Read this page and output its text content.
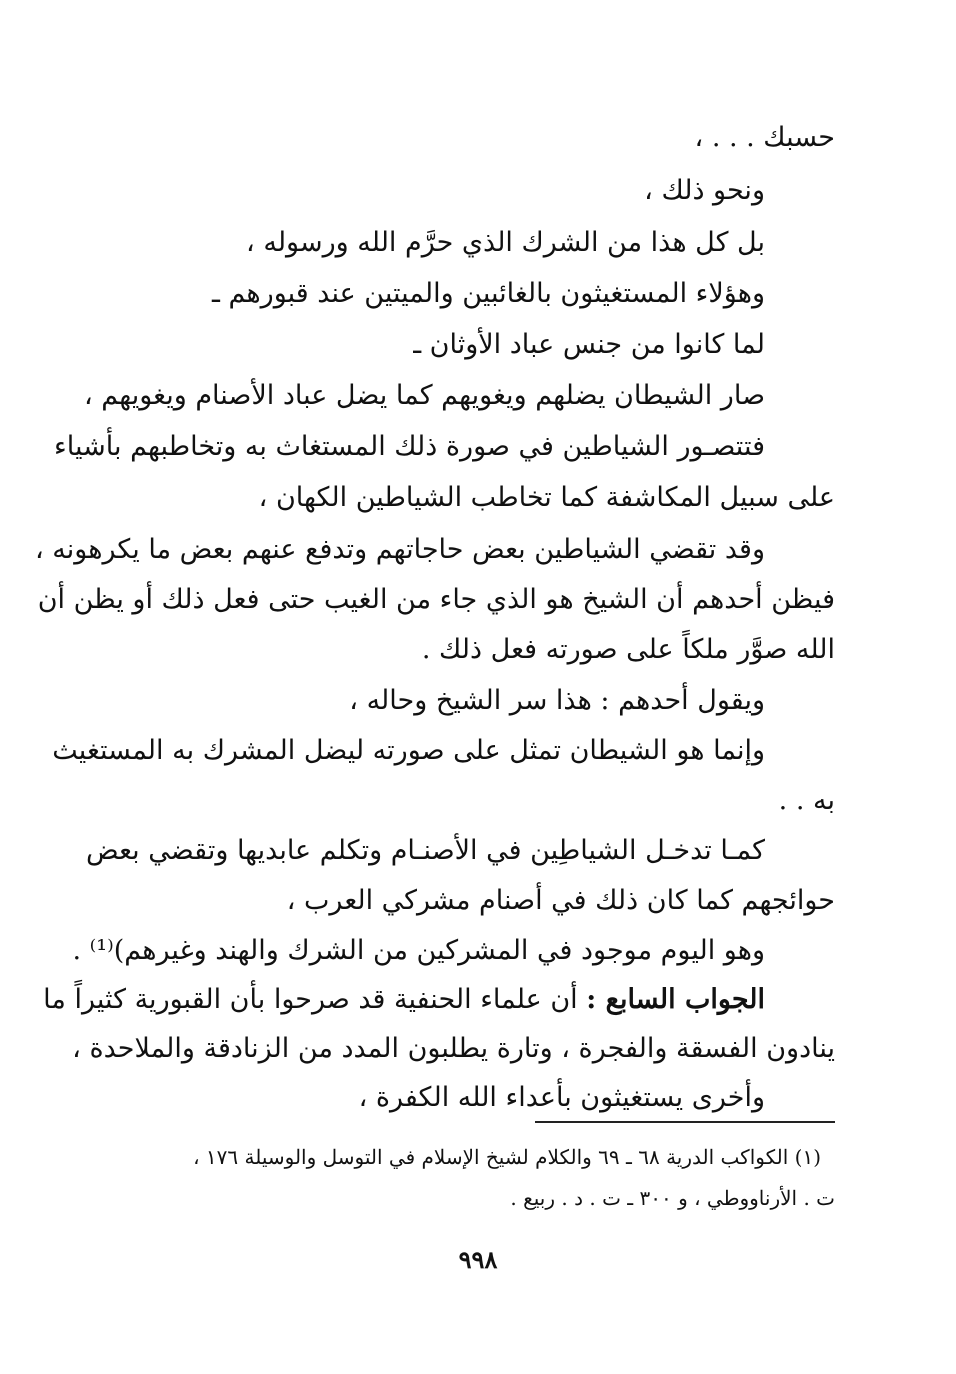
حسبك . . . ،
ونحو ذلك ،
بل كل هذا من الشرك الذي حرَّم الله ورسوله ،
وهؤلاء المستغيثون بالغائبين والميتين عند قبورهم ـ
لما كانوا من جنس عباد الأوثان ـ
صار الشيطان يضلهم ويغويهم كما يضل عباد الأصنام ويغويهم ،
فتتصـور الشياطين في صورة ذلك المستغاث به وتخاطبهم بأشياء
على سبيل المكاشفة كما تخاطب الشياطين الكهان ،
وقد تقضي الشياطين بعض حاجاتهم وتدفع عنهم بعض ما يكرهونه ،
فيظن أحدهم أن الشيخ هو الذي جاء من الغيب حتى فعل ذلك أو يظن أن
الله صوَّر ملكاً على صورته فعل ذلك .
ويقول أحدهم : هذا سر الشيخ وحاله ،
وإنما هو الشيطان تمثل على صورته ليضل المشرك به المستغيث
به . .
كمـا تدخـل الشياطِين في الأصنـام وتكلم عابديها وتقضي بعض
حوائجهم كما كان ذلك في أصنام مشركي العرب ،
وهو اليوم موجود في المشركين من الشرك والهند وغيرهم)⁽¹⁾ .
الجواب السابع : أن علماء الحنفية قد صرحوا بأن القبورية كثيراً ما
ينادون الفسقة والفجرة ، وتارة يطلبون المدد من الزنادقة والملاحدة ،
وأخرى يستغيثون بأعداء الله الكفرة ،
(١) الكواكب الدرية ٦٨ ـ ٦٩ والكلام لشيخ الإسلام في التوسل والوسيلة ١٧٦ ،
ت . الأرناووطي ، و ٣٠٠ ـ ت . د . ربيع .
٩٩٨
